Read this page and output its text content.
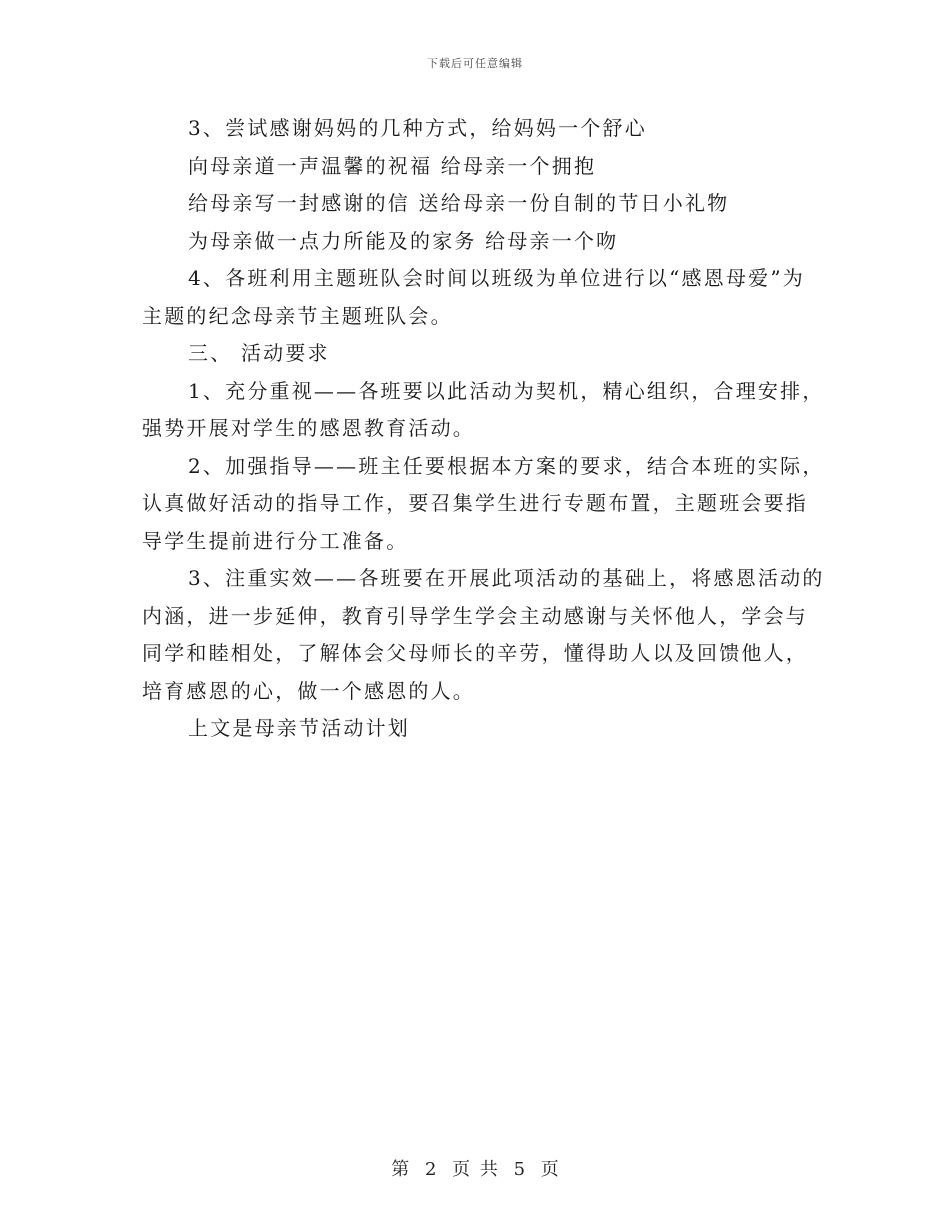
下载后可任意编辑
3、尝试感谢妈妈的几种方式，给妈妈一个舒心
向母亲道一声温馨的祝福 给母亲一个拥抱
给母亲写一封感谢的信 送给母亲一份自制的节日小礼物
为母亲做一点力所能及的家务 给母亲一个吻
4、各班利用主题班队会时间以班级为单位进行以“感恩母爱”为
主题的纪念母亲节主题班队会。
三、 活动要求
1、充分重视——各班要以此活动为契机，精心组织，合理安排，
强势开展对学生的感恩教育活动。
2、加强指导——班主任要根据本方案的要求，结合本班的实际，
认真做好活动的指导工作，要召集学生进行专题布置，主题班会要指
导学生提前进行分工准备。
3、注重实效——各班要在开展此项活动的基础上，将感恩活动的
内涵，进一步延伸，教育引导学生学会主动感谢与关怀他人，学会与
同学和睦相处，了解体会父母师长的辛劳，懂得助人以及回馈他人，
培育感恩的心，做一个感恩的人。
上文是母亲节活动计划
第 2 页 共 5 页
